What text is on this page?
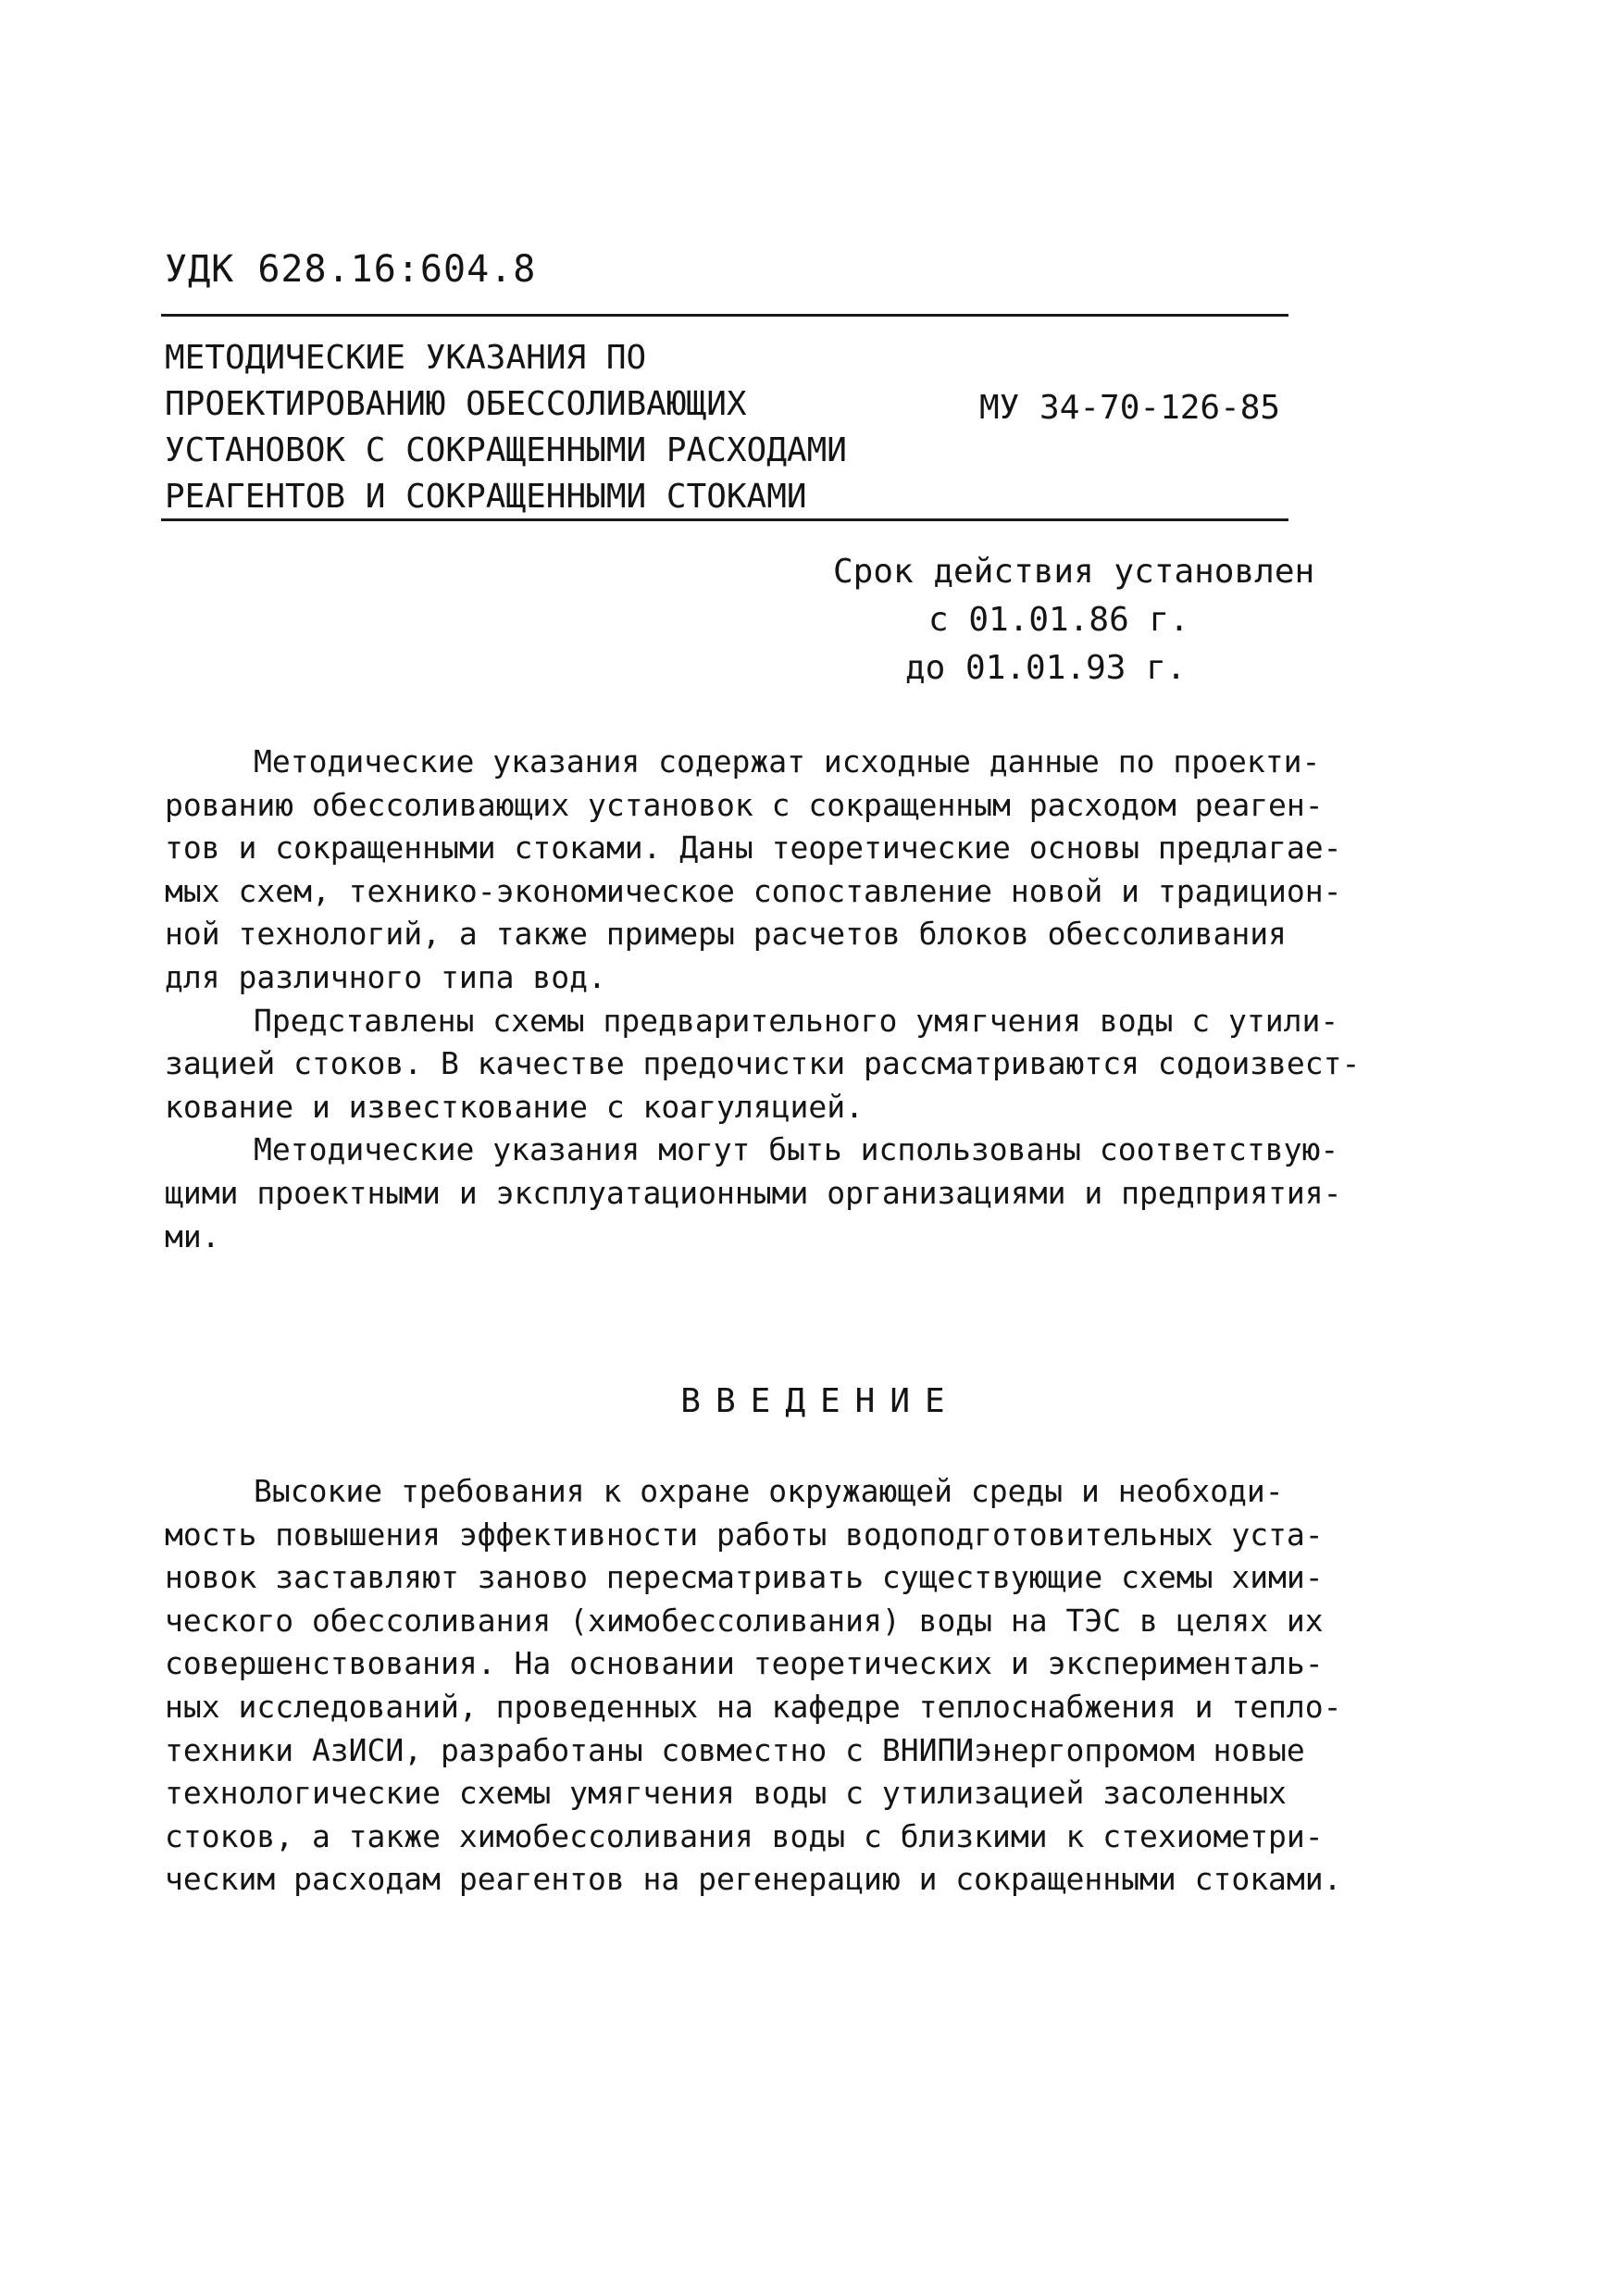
УДК 628.16:604.8
МЕТОДИЧЕСКИЕ УКАЗАНИЯ ПО
ПРОЕКТИРОВАНИЮ ОБЕССОЛИВАЮЩИХ
УСТАНОВОК С СОКРАЩЕННЫМИ РАСХОДАМИ
РЕАГЕНТОВ И СОКРАЩЕННЫМИ СТОКАМИ
МУ 34-70-126-85
Срок действия установлен
с 01.01.86 г.
до 01.01.93 г.
Методические указания содержат исходные данные по проекти-
рованию обессоливающих установок с сокращенным расходом реаген-
тов и сокращенными стоками. Даны теоретические основы предлагае-
мых схем, технико-экономическое сопоставление новой и традицион-
ной технологий, а также примеры расчетов блоков обессоливания
для различного типа вод.
Представлены схемы предварительного умягчения воды с утили-
зацией стоков. В качестве предочистки рассматриваются содоизвест-
кование и известкование с коагуляцией.
Методические указания могут быть использованы соответствую-
щими проектными и эксплуатационными организациями и предприятия-
ми.
ВВЕДЕНИЕ
Высокие требования к охране окружающей среды и необходи-
мость повышения эффективности работы водоподготовительных уста-
новок заставляют заново пересматривать существующие схемы хими-
ческого обессоливания (химобессоливания) воды на ТЭС в целях их
совершенствования. На основании теоретических и эксперименталь-
ных исследований, проведенных на кафедре теплоснабжения и тепло-
техники АзИСИ, разработаны совместно с ВНИПИэнергопромом новые
технологические схемы умягчения воды с утилизацией засоленных
стоков, а также химобессоливания воды с близкими к стехиометри-
ческим расходам реагентов на регенерацию и сокращенными стоками.
